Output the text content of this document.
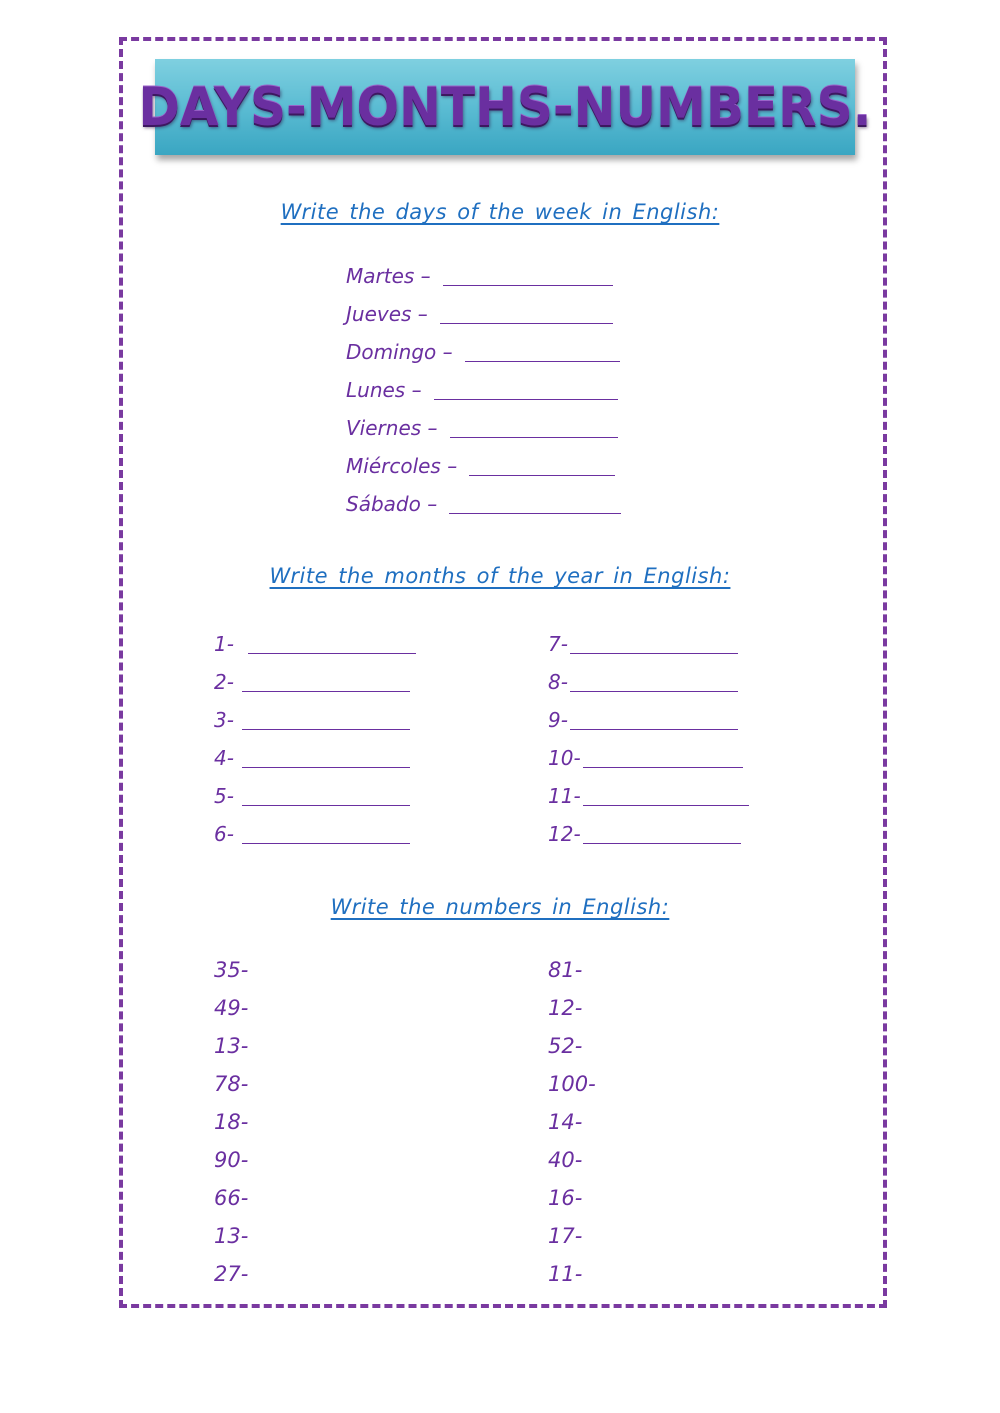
DAYS-MONTHS-NUMBERS.
Write the days of the week in English:
Martes –
Jueves –
Domingo –
Lunes –
Viernes –
Miércoles –
Sábado –
Write the months of the year in English:
1-
2-
3-
4-
5-
6-
7-
8-
9-
10-
11-
12-
Write the numbers in English:
35-
49-
13-
78-
18-
90-
66-
13-
27-
81-
12-
52-
100-
14-
40-
16-
17-
11-
